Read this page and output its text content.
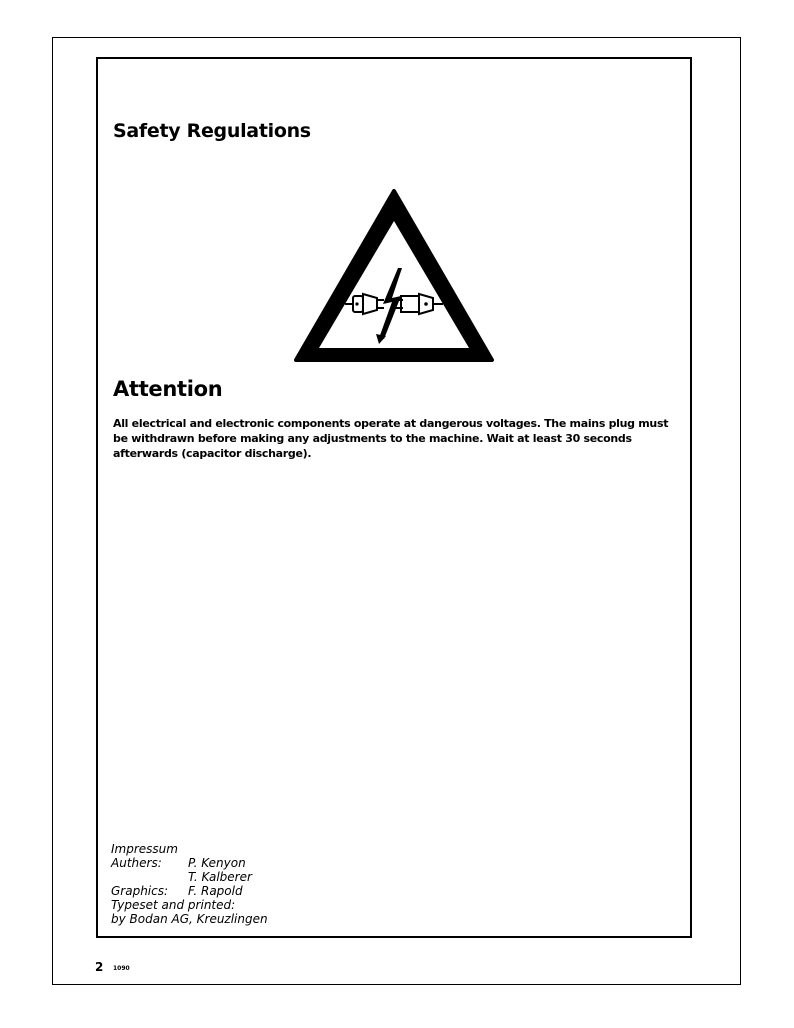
Safety Regulations
Attention

All electrical and electronic components operate at dangerous voltages. The mains plug must be withdrawn before making any adjustments to the machine. Wait at least 30 seconds afterwards (capacitor discharge).

Impressum
Authers:	P. Kenyon
T. Kalberer
Graphics:	F. Rapold
Typeset and printed:
by Bodan AG, Kreuzlingen
2 1090
